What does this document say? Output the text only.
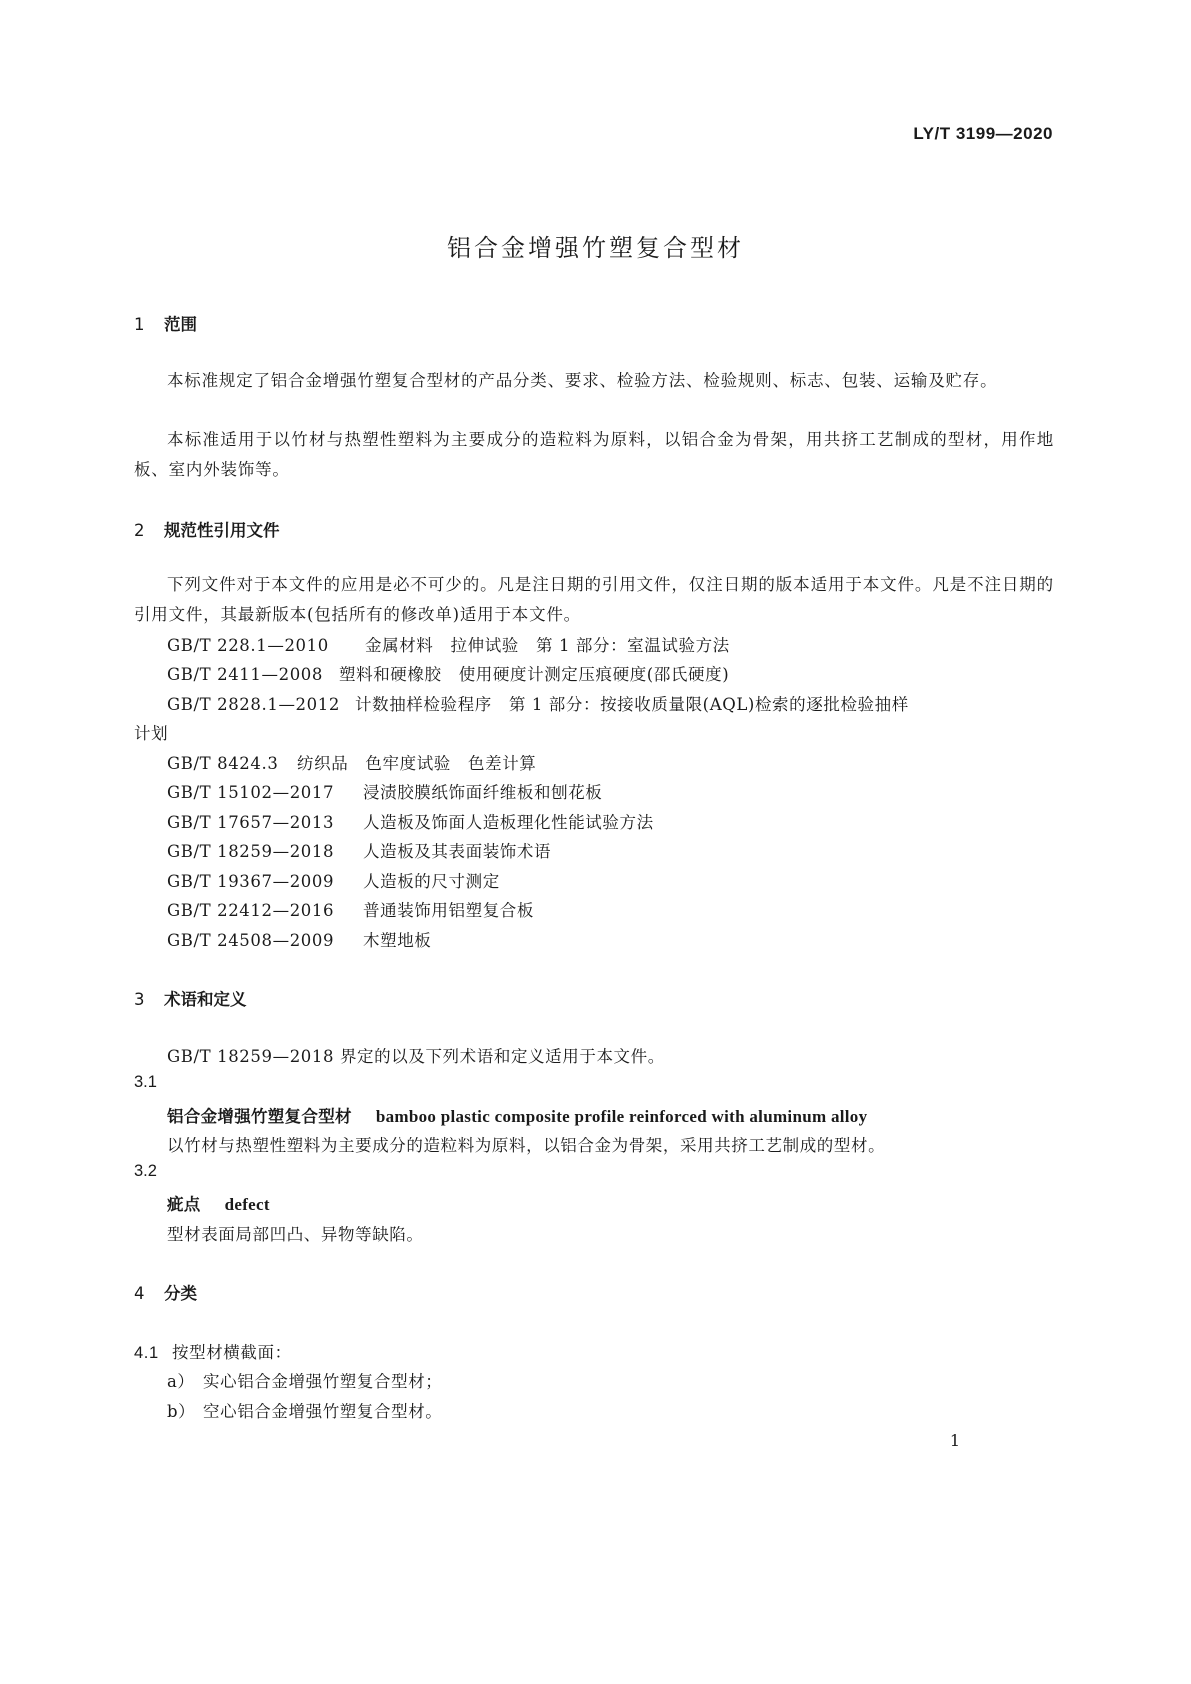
LY/T 3199—2020
铝合金增强竹塑复合型材
1 范围
本标准规定了铝合金增强竹塑复合型材的产品分类、要求、检验方法、检验规则、标志、包装、运输及贮存。
本标准适用于以竹材与热塑性塑料为主要成分的造粒料为原料，以铝合金为骨架，用共挤工艺制成的型材，用作地板、室内外装饰等。
2 规范性引用文件
下列文件对于本文件的应用是必不可少的。凡是注日期的引用文件，仅注日期的版本适用于本文件。凡是不注日期的引用文件，其最新版本(包括所有的修改单)适用于本文件。
GB/T 228.1—2010 金属材料　拉伸试验　第 1 部分：室温试验方法
GB/T 2411—2008 塑料和硬橡胶　使用硬度计测定压痕硬度(邵氏硬度)
GB/T 2828.1—2012 计数抽样检验程序　第 1 部分：按接收质量限(AQL)检索的逐批检验抽样
计划
GB/T 8424.3 纺织品　色牢度试验　色差计算
GB/T 15102—2017 浸渍胶膜纸饰面纤维板和刨花板
GB/T 17657—2013 人造板及饰面人造板理化性能试验方法
GB/T 18259—2018 人造板及其表面装饰术语
GB/T 19367—2009 人造板的尺寸测定
GB/T 22412—2016 普通装饰用铝塑复合板
GB/T 24508—2009 木塑地板
3 术语和定义
GB/T 18259—2018 界定的以及下列术语和定义适用于本文件。
3.1
铝合金增强竹塑复合型材 bamboo plastic composite profile reinforced with aluminum alloy
以竹材与热塑性塑料为主要成分的造粒料为原料，以铝合金为骨架，采用共挤工艺制成的型材。
3.2
疵点 defect
型材表面局部凹凸、异物等缺陷。
4 分类
4.1 按型材横截面：
a） 实心铝合金增强竹塑复合型材；
b） 空心铝合金增强竹塑复合型材。
1
